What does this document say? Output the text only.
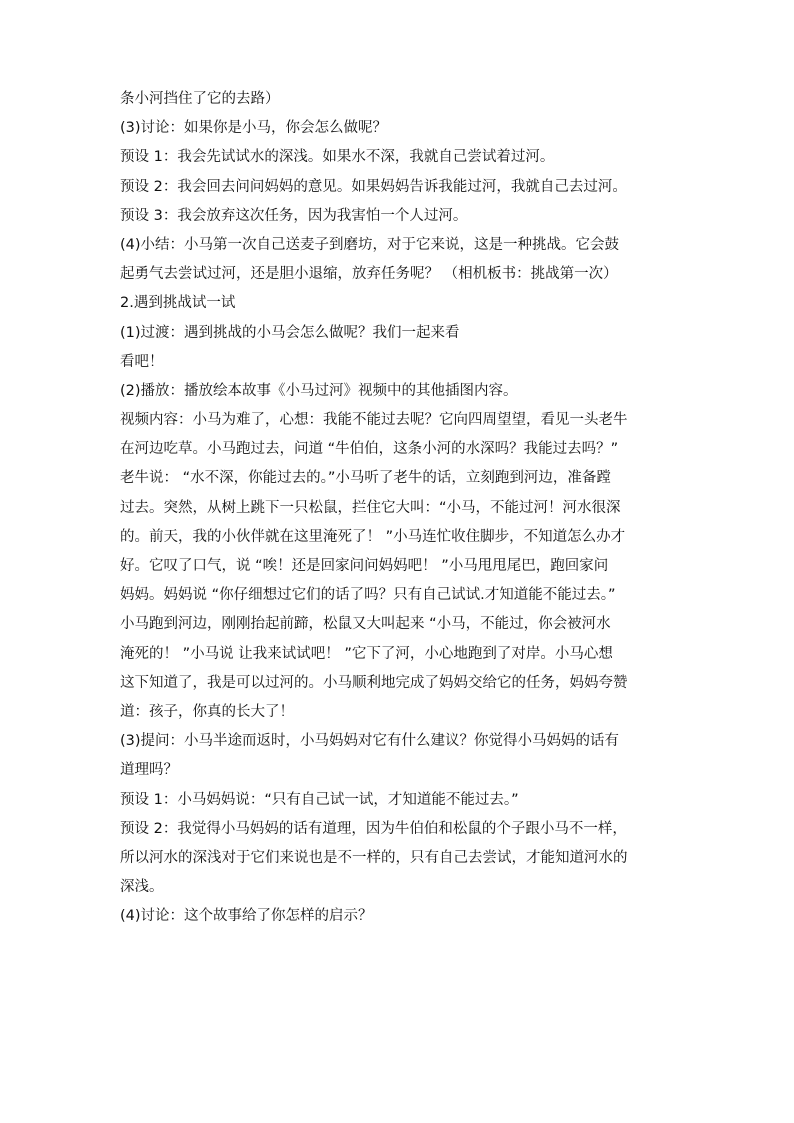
条小河挡住了它的去路）
(3)讨论：如果你是小马，你会怎么做呢？
预设 1：我会先试试水的深浅。如果水不深，我就自己尝试着过河。
预设 2：我会回去问问妈妈的意见。如果妈妈告诉我能过河，我就自己去过河。
预设 3：我会放弃这次任务，因为我害怕一个人过河。
(4)小结：小马第一次自己送麦子到磨坊，对于它来说，这是一种挑战。它会鼓
起勇气去尝试过河，还是胆小退缩，放弃任务呢？ （相机板书：挑战第一次）
2.遇到挑战试一试
(1)过渡：遇到挑战的小马会怎么做呢？我们一起来看
看吧！
(2)播放：播放绘本故事《小马过河》视频中的其他插图内容。
视频内容：小马为难了，心想：我能不能过去呢？它向四周望望，看见一头老牛
在河边吃草。小马跑过去，问道 “牛伯伯，这条小河的水深吗？我能过去吗？”
老牛说： “水不深，你能过去的。”小马听了老牛的话，立刻跑到河边，准备蹚
过去。突然，从树上跳下一只松鼠，拦住它大叫：“小马，不能过河！河水很深
的。前天，我的小伙伴就在这里淹死了！ ”小马连忙收住脚步，不知道怎么办才
好。它叹了口气，说 “唉！还是回家问问妈妈吧！ ”小马甩甩尾巴，跑回家问
妈妈。妈妈说 “你仔细想过它们的话了吗？只有自己试试.才知道能不能过去。”
小马跑到河边，刚刚抬起前蹄，松鼠又大叫起来 “小马，不能过，你会被河水
淹死的！ ”小马说 让我来试试吧！ ”它下了河，小心地跑到了对岸。小马心想
这下知道了，我是可以过河的。小马顺利地完成了妈妈交给它的任务，妈妈夸赞
道：孩子，你真的长大了！
(3)提问：小马半途而返时，小马妈妈对它有什么建议？你觉得小马妈妈的话有
道理吗？
预设 1：小马妈妈说：“只有自己试一试，才知道能不能过去。”
预设 2：我觉得小马妈妈的话有道理，因为牛伯伯和松鼠的个子跟小马不一样，
所以河水的深浅对于它们来说也是不一样的，只有自己去尝试，才能知道河水的
深浅。
(4)讨论：这个故事给了你怎样的启示？
